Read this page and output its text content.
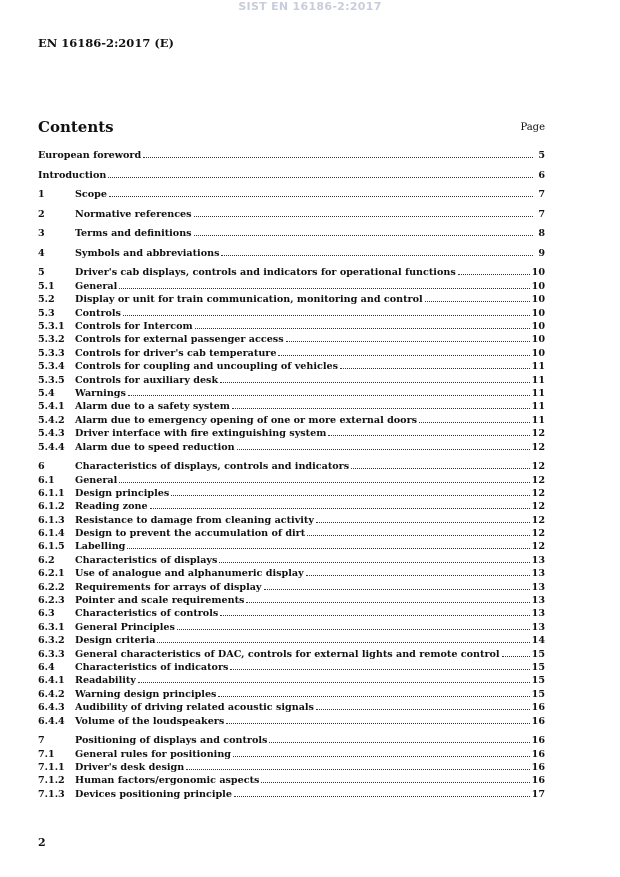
SIST EN 16186-2:2017
EN 16186-2:2017 (E)
Contents	Page
European foreword	5
Introduction	6
1	Scope	7
2	Normative references	7
3	Terms and definitions	8
4	Symbols and abbreviations	9
5	Driver's cab displays, controls and indicators for operational functions	10
5.1	General	10
5.2	Display or unit for train communication, monitoring and control	10
5.3	Controls	10
5.3.1	Controls for Intercom	10
5.3.2	Controls for external passenger access	10
5.3.3	Controls for driver's cab temperature	10
5.3.4	Controls for coupling and uncoupling of vehicles	11
5.3.5	Controls for auxiliary desk	11
5.4	Warnings	11
5.4.1	Alarm due to a safety system	11
5.4.2	Alarm due to emergency opening of one or more external doors	11
5.4.3	Driver interface with fire extinguishing system	12
5.4.4	Alarm due to speed reduction	12
6	Characteristics of displays, controls and indicators	12
6.1	General	12
6.1.1	Design principles	12
6.1.2	Reading zone	12
6.1.3	Resistance to damage from cleaning activity	12
6.1.4	Design to prevent the accumulation of dirt	12
6.1.5	Labelling	12
6.2	Characteristics of displays	13
6.2.1	Use of analogue and alphanumeric display	13
6.2.2	Requirements for arrays of display	13
6.2.3	Pointer and scale requirements	13
6.3	Characteristics of controls	13
6.3.1	General Principles	13
6.3.2	Design criteria	14
6.3.3	General characteristics of DAC, controls for external lights and remote control	15
6.4	Characteristics of indicators	15
6.4.1	Readability	15
6.4.2	Warning design principles	15
6.4.3	Audibility of driving related acoustic signals	16
6.4.4	Volume of the loudspeakers	16
7	Positioning of displays and controls	16
7.1	General rules for positioning	16
7.1.1	Driver's desk design	16
7.1.2	Human factors/ergonomic aspects	16
7.1.3	Devices positioning principle	17
2
